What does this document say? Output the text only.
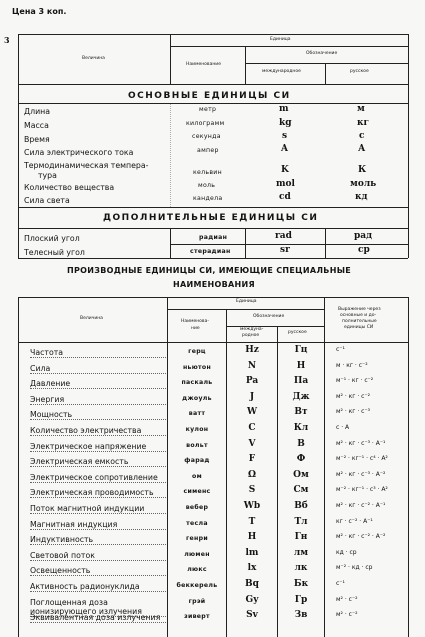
Цена 3 коп.
3
Величина
Единица
Наименование
Обозначение
международное	русское
ОСНОВНЫЕ ЕДИНИЦЫ СИ
Длина	метр	m	м
Масса	килограмм	kg	кг
Время	секунда	s	с
Сила электрического тока	ампер	A	А
Термодинамическая темпера-
тура	кельвин	K	К
Количество вещества	моль	mol	моль
Сила света	кандела	cd	кд
ДОПОЛНИТЕЛЬНЫЕ ЕДИНИЦЫ СИ
Плоский угол	радиан	rad	рад
Телесный угол	стерадиан	sr	ср
ПРОИЗВОДНЫЕ ЕДИНИЦЫ СИ, ИМЕЮЩИЕ СПЕЦИАЛЬНЫЕ
НАИМЕНОВАНИЯ
Величина
Единица
Наименова-
ние
Обозначение
междуна-
родное
русское
Выражение через
основные и до-
полнительные
единицы СИ
Частота	герц	Hz	Гц	с⁻¹
Сила	ньютон	N	Н	м · кг · с⁻²
Давление	паскаль	Pa	Па	м⁻¹ · кг · с⁻²
Энергия	джоуль	J	Дж	м² · кг · с⁻²
Мощность	ватт	W	Вт	м² · кг · с⁻³
Количество электричества	кулон	C	Кл	с · А
Электрическое напряжение	вольт	V	В	м² · кг · с⁻³ · А⁻¹
Электрическая емкость	фарад	F	Ф	м⁻² · кг⁻¹ · с⁴ · А²
Электрическое сопротивление	ом	Ω	Ом	м² · кг · с⁻³ · А⁻²
Электрическая проводимость	сименс	S	См	м⁻² · кг⁻¹ · с³ · А²
Поток магнитной индукции	вебер	Wb	Вб	м² · кг · с⁻² · А⁻¹
Магнитная индукция	тесла	T	Тл	кг · с⁻² · А⁻¹
Индуктивность	генри	H	Гн	м² · кг · с⁻² · А⁻²
Световой поток	люмен	lm	лм	кд · ср
Освещенность	люкс	lx	лк	м⁻² · кд · ср
Активность радионуклида	беккерель	Bq	Бк	с⁻¹
Поглощенная доза
ионизирующего излучения
грэй	Gy	Гр	м² · с⁻²
Эквивалентная доза излучения	зиверт	Sv	Зв	м² · с⁻²
